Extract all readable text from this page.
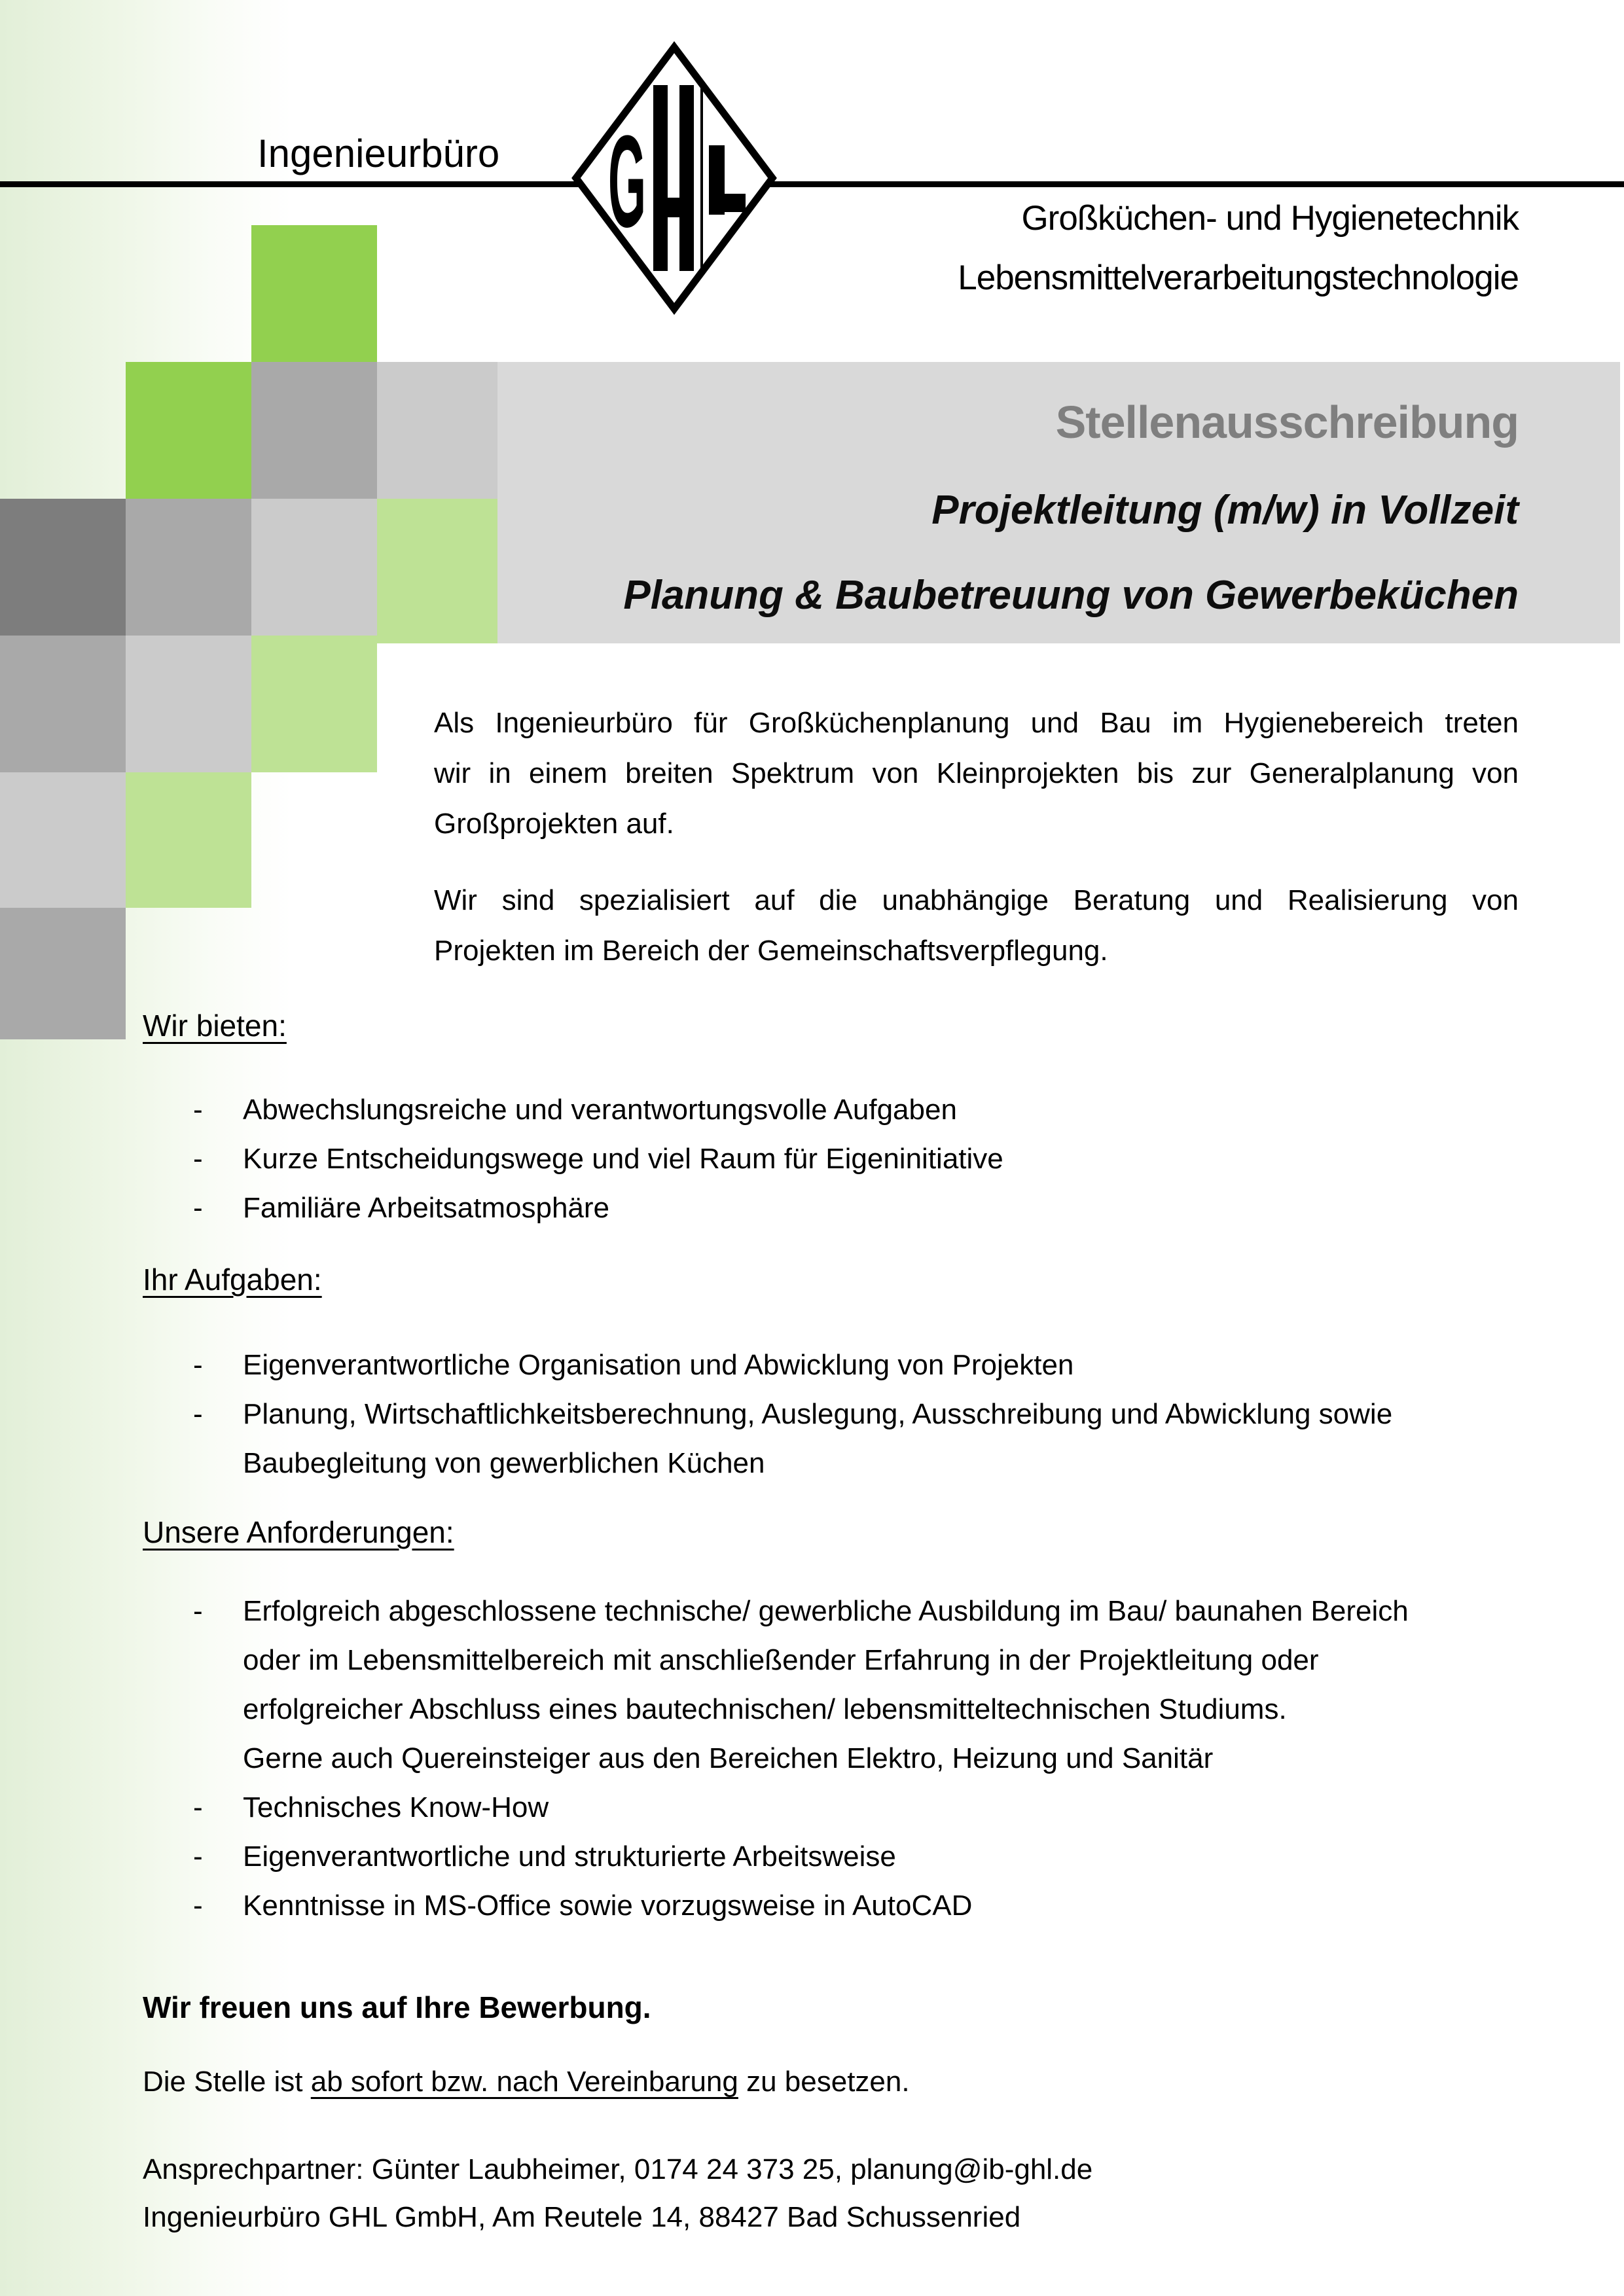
Ingenieurbüro G	Großküchen- und Hygienetechnik
Lebensmittelverarbeitungstechnologie
Stellenausschreibung
Projektleitung (m/w) in Vollzeit
Planung & Baubetreuung von Gewerbeküchen
Als Ingenieurbüro für Großküchenplanung und Bau im Hygienebereich treten
wir in einem breiten Spektrum von Kleinprojekten bis zur Generalplanung von
Großprojekten auf.
Wir sind spezialisiert auf die unabhängige Beratung und Realisierung von
Projekten im Bereich der Gemeinschaftsverpflegung.
Wir bieten:
-	Abwechslungsreiche und verantwortungsvolle Aufgaben
-	Kurze Entscheidungswege und viel Raum für Eigeninitiative
-	Familiäre Arbeitsatmosphäre
Ihr Aufgaben:
-	Eigenverantwortliche Organisation und Abwicklung von Projekten
-	Planung, Wirtschaftlichkeitsberechnung, Auslegung, Ausschreibung und Abwicklung sowie
Baubegleitung von gewerblichen Küchen
Unsere Anforderungen:
-	Erfolgreich abgeschlossene technische/ gewerbliche Ausbildung im Bau/ baunahen Bereich
oder im Lebensmittelbereich mit anschließender Erfahrung in der Projektleitung oder
erfolgreicher Abschluss eines bautechnischen/ lebensmitteltechnischen Studiums.
Gerne auch Quereinsteiger aus den Bereichen Elektro, Heizung und Sanitär
-	Technisches Know-How
-	Eigenverantwortliche und strukturierte Arbeitsweise
-	Kenntnisse in MS-Office sowie vorzugsweise in AutoCAD
Wir freuen uns auf Ihre Bewerbung.
Die Stelle ist ab sofort bzw. nach Vereinbarung zu besetzen.
Ansprechpartner: Günter Laubheimer, 0174 24 373 25, planung@ib-ghl.de
Ingenieurbüro GHL GmbH, Am Reutele 14, 88427 Bad Schussenried
